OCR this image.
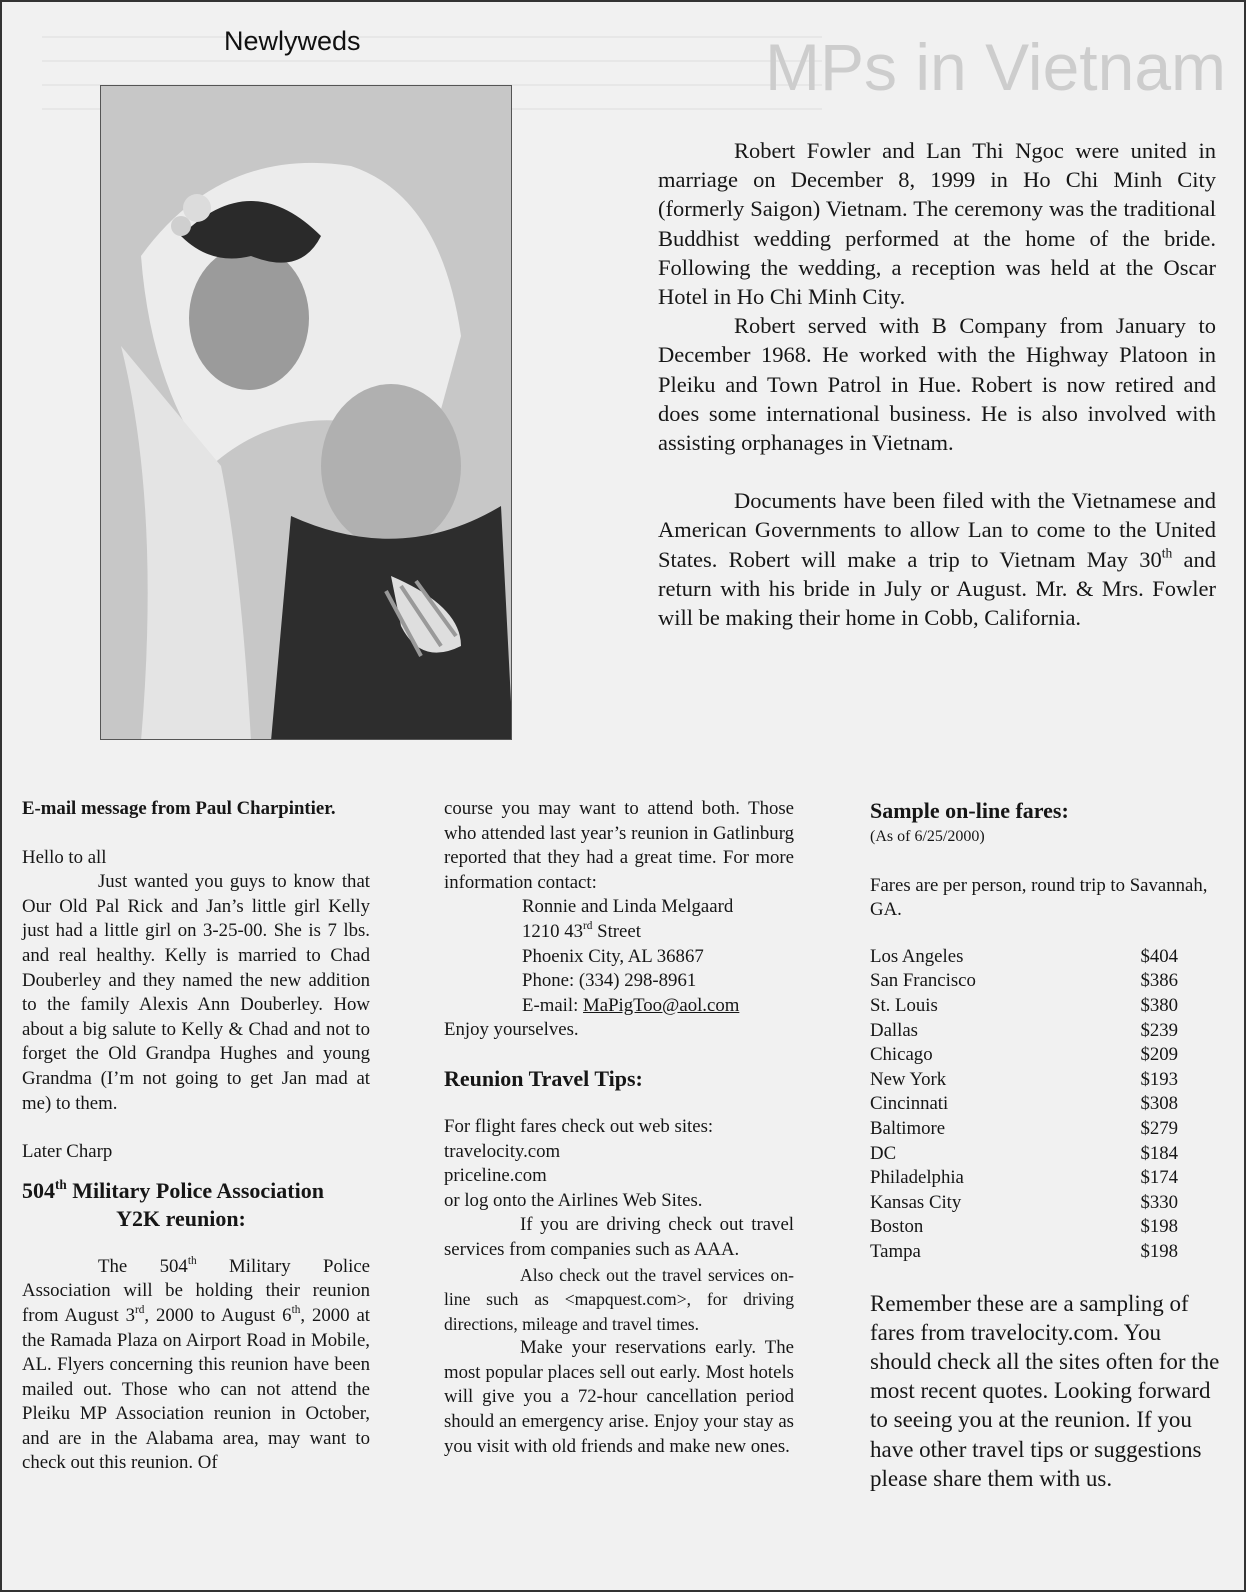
MPs in Vietnam
Newlyweds

Robert Fowler and Lan Thi Ngoc were united in marriage on December 8, 1999 in Ho Chi Minh City (formerly Saigon) Vietnam. The ceremony was the traditional Buddhist wedding performed at the home of the bride. Following the wedding, a reception was held at the Oscar Hotel in Ho Chi Minh City.

Robert served with B Company from January to December 1968. He worked with the Highway Platoon in Pleiku and Town Patrol in Hue. Robert is now retired and does some international business. He is also involved with assisting orphanages in Vietnam.

Documents have been filed with the Vietnamese and American Governments to allow Lan to come to the United States. Robert will make a trip to Vietnam May 30th and return with his bride in July or August. Mr. & Mrs. Fowler will be making their home in Cobb, California.

E-mail message from Paul Charpintier.

Hello to all

Just wanted you guys to know that Our Old Pal Rick and Jan’s little girl Kelly just had a little girl on 3-25-00. She is 7 lbs. and real healthy. Kelly is married to Chad Douberley and they named the new addition to the family Alexis Ann Douberley. How about a big salute to Kelly & Chad and not to forget the Old Grandpa Hughes and young Grandma (I’m not going to get Jan mad at me) to them.

Later Charp

504th Military Police Association
Y2K reunion:

The 504th Military Police Association will be holding their reunion from August 3rd, 2000 to August 6th, 2000 at the Ramada Plaza on Airport Road in Mobile, AL. Flyers concerning this reunion have been mailed out. Those who can not attend the Pleiku MP Association reunion in October, and are in the Alabama area, may want to check out this reunion. Of

course you may want to attend both. Those who attended last year’s reunion in Gatlinburg reported that they had a great time. For more information contact:

Ronnie and Linda Melgaard
1210 43rd Street
Phoenix City, AL 36867
Phone: (334) 298-8961
E-mail: MaPigToo@aol.com

Enjoy yourselves.

Reunion Travel Tips:

For flight fares check out web sites:

travelocity.com

priceline.com

or log onto the Airlines Web Sites.

If you are driving check out travel services from companies such as AAA.

Also check out the travel services on-line such as <mapquest.com>, for driving directions, mileage and travel times.

Make your reservations early. The most popular places sell out early. Most hotels will give you a 72-hour cancellation period should an emergency arise. Enjoy your stay as you visit with old friends and make new ones.

Sample on-line fares:

(As of 6/25/2000)

Fares are per person, round trip to Savannah, GA.

Los Angeles	$404
San Francisco	$386
St. Louis	$380
Dallas	$239
Chicago	$209
New York	$193
Cincinnati	$308
Baltimore	$279
DC	$184
Philadelphia	$174
Kansas City	$330
Boston	$198
Tampa	$198

Remember these are a sampling of fares from travelocity.com. You should check all the sites often for the most recent quotes. Looking forward to seeing you at the reunion. If you have other travel tips or suggestions please share them with us.
